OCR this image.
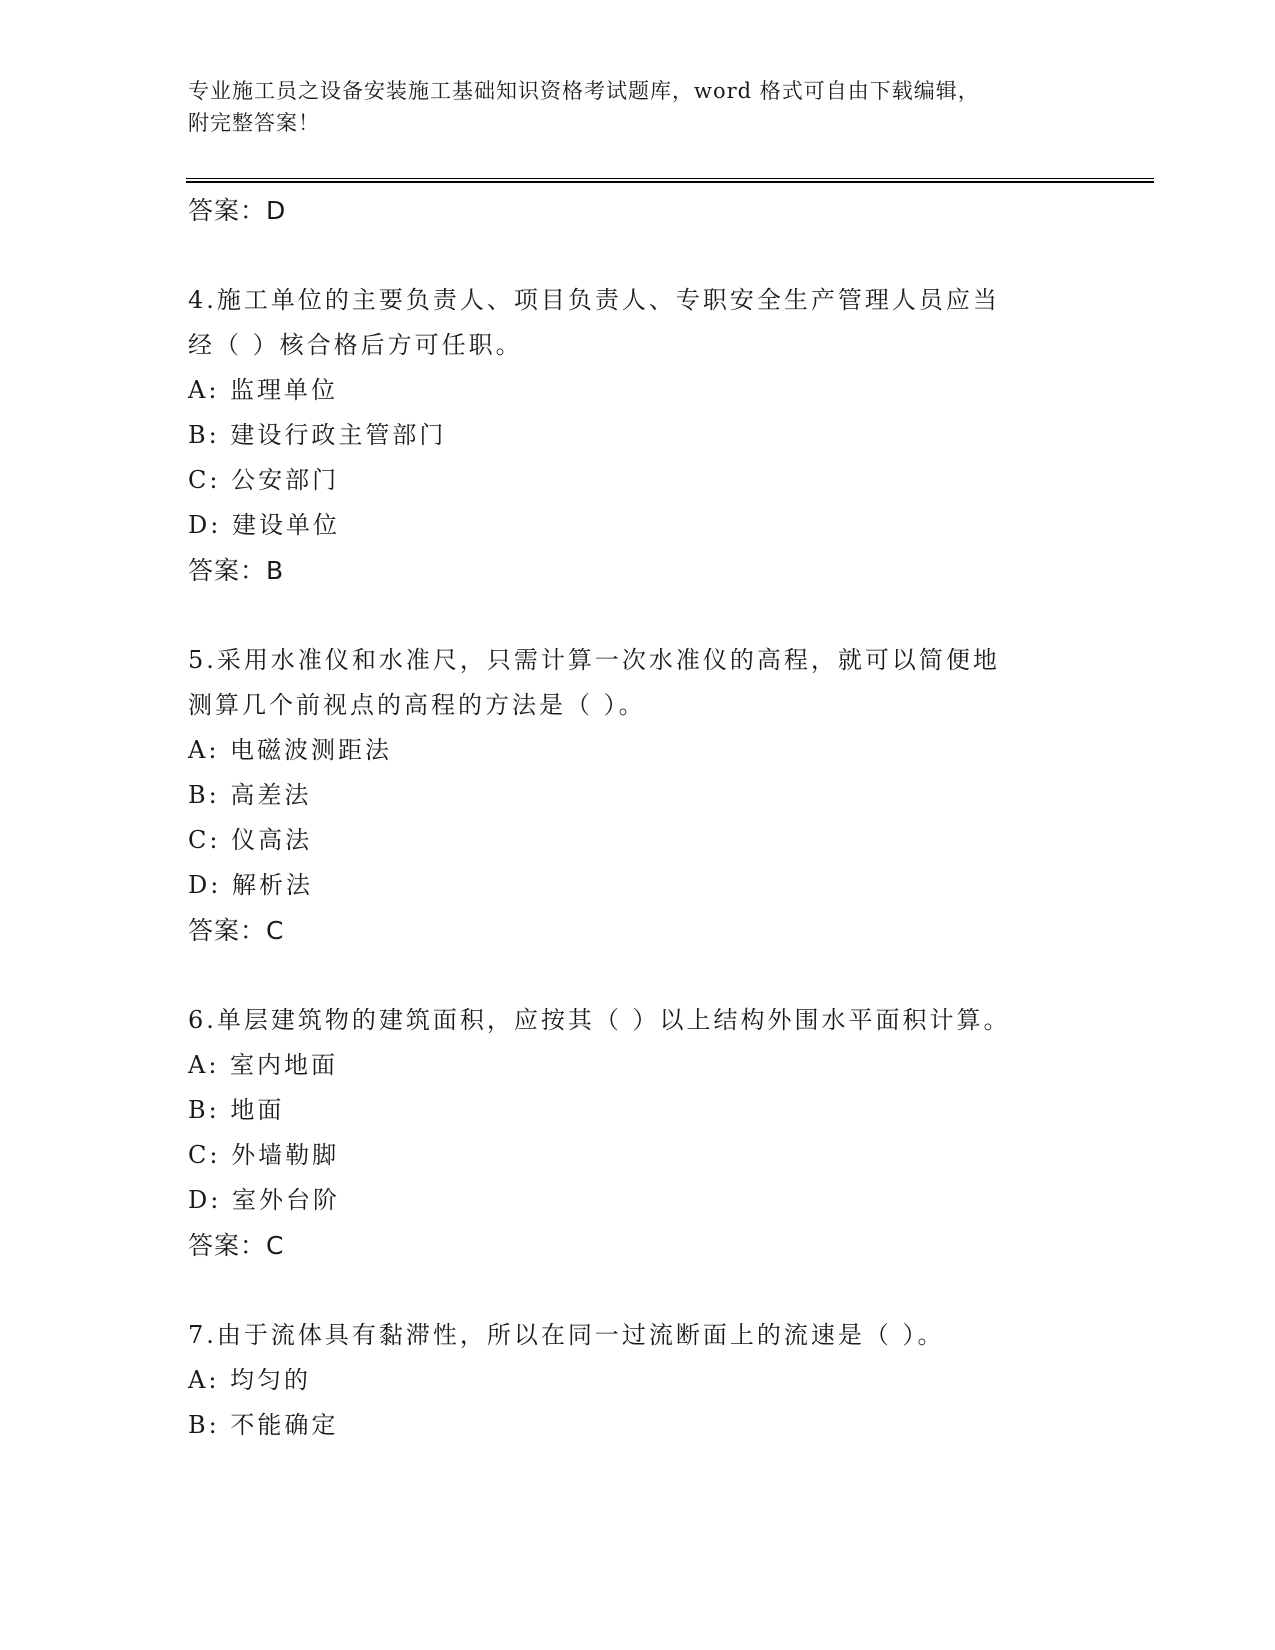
专业施工员之设备安装施工基础知识资格考试题库，word 格式可自由下载编辑，
附完整答案！
答案：D
4.施工单位的主要负责人、项目负责人、专职安全生产管理人员应当
经（ ）核合格后方可任职。
A: 监理单位
B: 建设行政主管部门
C: 公安部门
D: 建设单位
答案：B
5.采用水准仪和水准尺，只需计算一次水准仪的高程，就可以简便地
测算几个前视点的高程的方法是（ ）。
A: 电磁波测距法
B: 高差法
C: 仪高法
D: 解析法
答案：C
6.单层建筑物的建筑面积，应按其（ ）以上结构外围水平面积计算。
A: 室内地面
B: 地面
C: 外墙勒脚
D: 室外台阶
答案：C
7.由于流体具有黏滞性，所以在同一过流断面上的流速是（ ）。
A: 均匀的
B: 不能确定
